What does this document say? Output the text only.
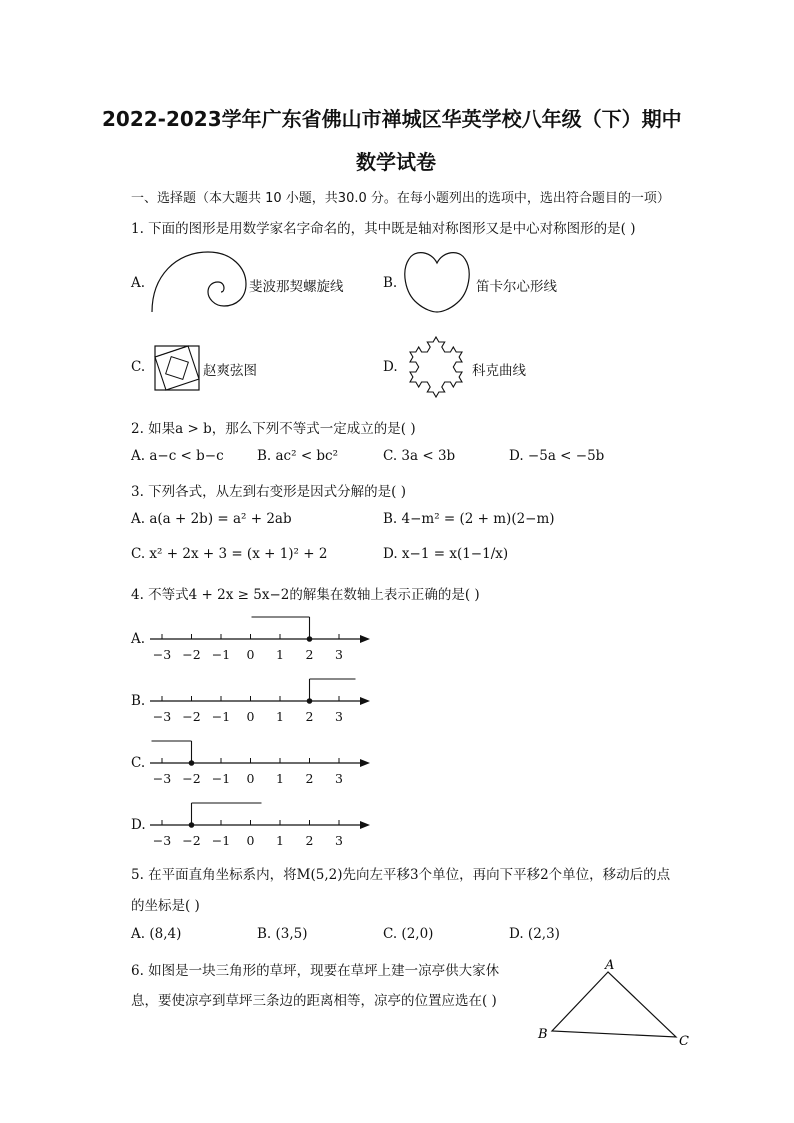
2022-2023学年广东省佛山市禅城区华英学校八年级（下）期中
数学试卷
一、选择题（本大题共 10 小题，共30.0 分。在每小题列出的选项中，选出符合题目的一项）
1. 下面的图形是用数学家名字命名的，其中既是轴对称图形又是中心对称图形的是( )
A.	斐波那契螺旋线	B.	笛卡尔心形线
C.	赵爽弦图	D.	科克曲线
2. 如果a > b，那么下列不等式一定成立的是( )
A. a−c < b−c B. ac² < bc²	C. 3a < 3b	D. −5a < −5b
3. 下列各式，从左到右变形是因式分解的是( )
A. a(a + 2b) = a² + 2ab	B. 4−m² = (2 + m)(2−m)
C. x² + 2x + 3 = (x + 1)² + 2	D. x−1 = x(1−1/x)
4. 不等式4 + 2x ≥ 5x−2的解集在数轴上表示正确的是( )
A.
B.
C.
D.
−3 −2 −1 0 1 2 3
−3 −2 −1 0 1 2 3
−3 −2 −1 0 1 2 3
−3 −2 −1 0 1 2 3
5. 在平面直角坐标系内，将M(5,2)先向左平移3个单位，再向下平移2个单位，移动后的点
的坐标是( )
A. (8,4)	B. (3,5)	C. (2,0)	D. (2,3)
6. 如图是一块三角形的草坪，现要在草坪上建一凉亭供大家休
息，要使凉亭到草坪三条边的距离相等，凉亭的位置应选在( )
A
B	C
